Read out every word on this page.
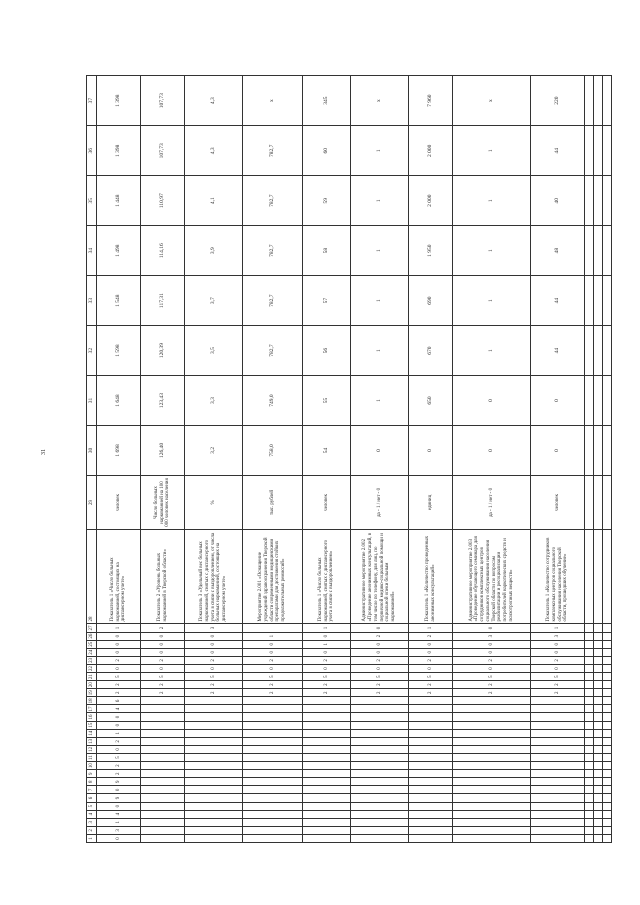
31
1	2	3	4	5	6	7	8	9	10	11	12	13	14	15	16	17	18	19	20	21	22	23	24	25	26	27	28	29	30	31	32	33	34	35	36	37
0	3	1	4	0	9	0	9	2	2	5	0	2	1	0	0	4	6	2	2	5	0	2	0	0	0	1	Показатель 1 «Число больных наркоманией, состоящих на диспансерном учете»	человек	1 698	1 648	1 598	1 548	1 498	1 448	1 398	1 398
																		2	2	5	0	2	0	0	0	2	Показатель 2 «Уровень больных наркоманией в Тверской области»	Число больных наркоманией на 100 000 человек населения	126,40	123,43	120,39	117,31	114,16	110,97	107,73	107,73
																		2	2	5	0	2	0	0	0	3	Показатель 3 «Удельный вес больных наркоманией, снятых с диспансерного учета в связи с выздоровлением, от числа больных наркоманией, состоящих на диспансерном учете»	%	3,2	3,3	3,5	3,7	3,9	4,1	4,3	4,3
																		2	2	5	0	2	0	0	1		Мероприятие 2.001 «Оснащение учреждений здравоохранения Тверской области современными медицинскими препаратами для достижения стойких продолжительных ремиссий»	тыс. рублей	758,0	749,0	782,7	782,7	782,7	782,7	782,7	x
																		2	2	5	0	2	0	1	0	1	Показатель 1 «Число больных наркоманией, снятых с диспансерного учета в связи с выздоровлением»	человек	54	55	56	57	58	59	60	345
																		2	2	5	0	2	0	0	2	0	Административное мероприятие 2.002 «Проведение анонимных консультаций, в том числе по телефону, для лиц, по первичной медико-социальной помощи и социальной опеки больным наркоманией»	да - 1 / нет - 0	0	1	1	1	1	1	1	x
																		2	2	5	0	2	0	0	2	1	Показатель 1 «Количество проведенных анонимных консультаций»	единиц	0	650	670	690	1 950	2 000	2 000	7 960
																		2	2	5	0	2	0	0	3	0	Административное мероприятие 2.003 «Проведение обучающего семинара для сотрудников комплексных центров социального обслуживания населения Тверской области по вопросам реабилитации и ресоциализации потребителей наркотических средств и психотропных веществ»	да - 1 / нет - 0	0	0	1	1	1	1	1	x
																		2	2	5	0	2	0	0	3	1	Показатель 1 «Количество сотрудников комплексных центров социального обслуживания населения Тверской области, прошедших обучение»	человек	0	0	44	44	48	40	44	220
